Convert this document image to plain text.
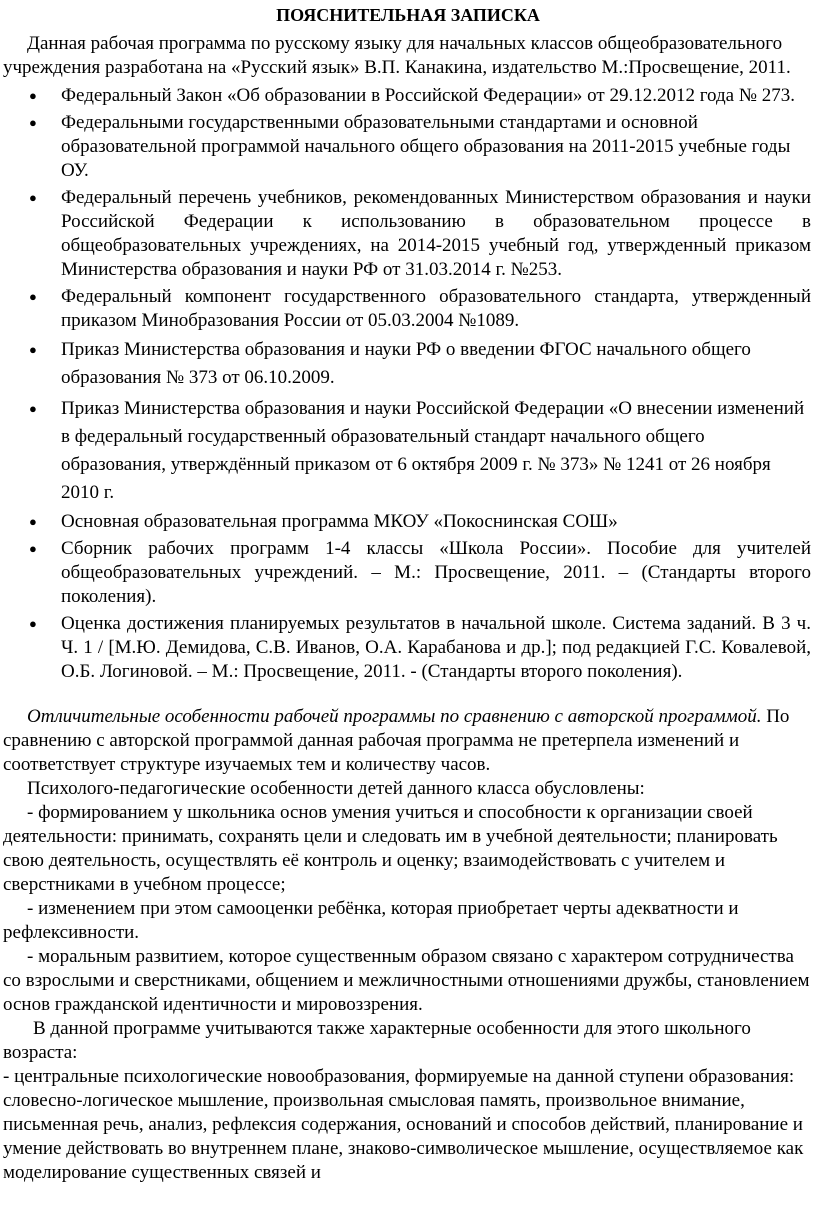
ПОЯСНИТЕЛЬНАЯ ЗАПИСКА

Данная рабочая программа по русскому языку для начальных классов общеобразовательного учреждения разработана на «Русский язык» В.П. Канакина, издательство М.:Просвещение, 2011.

● Федеральный Закон «Об образовании в Российской Федерации» от 29.12.2012 года № 273.
● Федеральными государственными образовательными стандартами и основной образовательной программой начального общего образования на 2011-2015 учебные годы ОУ.
● Федеральный перечень учебников, рекомендованных Министерством образования и науки Российской Федерации к использованию в образовательном процессе в общеобразовательных учреждениях, на 2014-2015 учебный год, утвержденный приказом Министерства образования и науки РФ от 31.03.2014 г. №253.
● Федеральный компонент государственного образовательного стандарта, утвержденный приказом Минобразования России от 05.03.2004 №1089.
● Приказ Министерства образования и науки РФ о введении ФГОС начального общего образования № 373 от 06.10.2009.
● Приказ Министерства образования и науки Российской Федерации «О внесении изменений в федеральный государственный образовательный стандарт начального общего образования, утверждённый приказом от 6 октября 2009 г. № 373» № 1241 от 26 ноября 2010 г.
● Основная образовательная программа МКОУ «Покоснинская СОШ»
● Сборник рабочих программ 1-4 классы «Школа России». Пособие для учителей общеобразовательных учреждений. – М.: Просвещение, 2011. – (Стандарты второго поколения).
● Оценка достижения планируемых результатов в начальной школе. Система заданий. В 3 ч. Ч. 1 / [М.Ю. Демидова, С.В. Иванов, О.А. Карабанова и др.]; под редакцией Г.С. Ковалевой, О.Б. Логиновой. – М.: Просвещение, 2011. - (Стандарты второго поколения).

Отличительные особенности рабочей программы по сравнению с авторской программой. По сравнению с авторской программой данная рабочая программа не претерпела изменений и соответствует структуре изучаемых тем и количеству часов.

Психолого-педагогические особенности детей данного класса обусловлены:

- формированием у школьника основ умения учиться и способности к организации своей деятельности: принимать, сохранять цели и следовать им в учебной деятельности; планировать свою деятельность, осуществлять её контроль и оценку; взаимодействовать с учителем и сверстниками в учебном процессе;

- изменением при этом самооценки ребёнка, которая приобретает черты адекватности и рефлексивности.

- моральным развитием, которое существенным образом связано с характером сотрудничества со взрослыми и сверстниками, общением и межличностными отношениями дружбы, становлением основ гражданской идентичности и мировоззрения.

В данной программе учитываются также характерные особенности для этого школьного возраста:

- центральные психологические новообразования, формируемые на данной ступени образования: словесно-логическое мышление, произвольная смысловая память, произвольное внимание, письменная речь, анализ, рефлексия содержания, оснований и способов действий, планирование и умение действовать во внутреннем плане, знаково-символическое мышление, осуществляемое как моделирование существенных связей и
